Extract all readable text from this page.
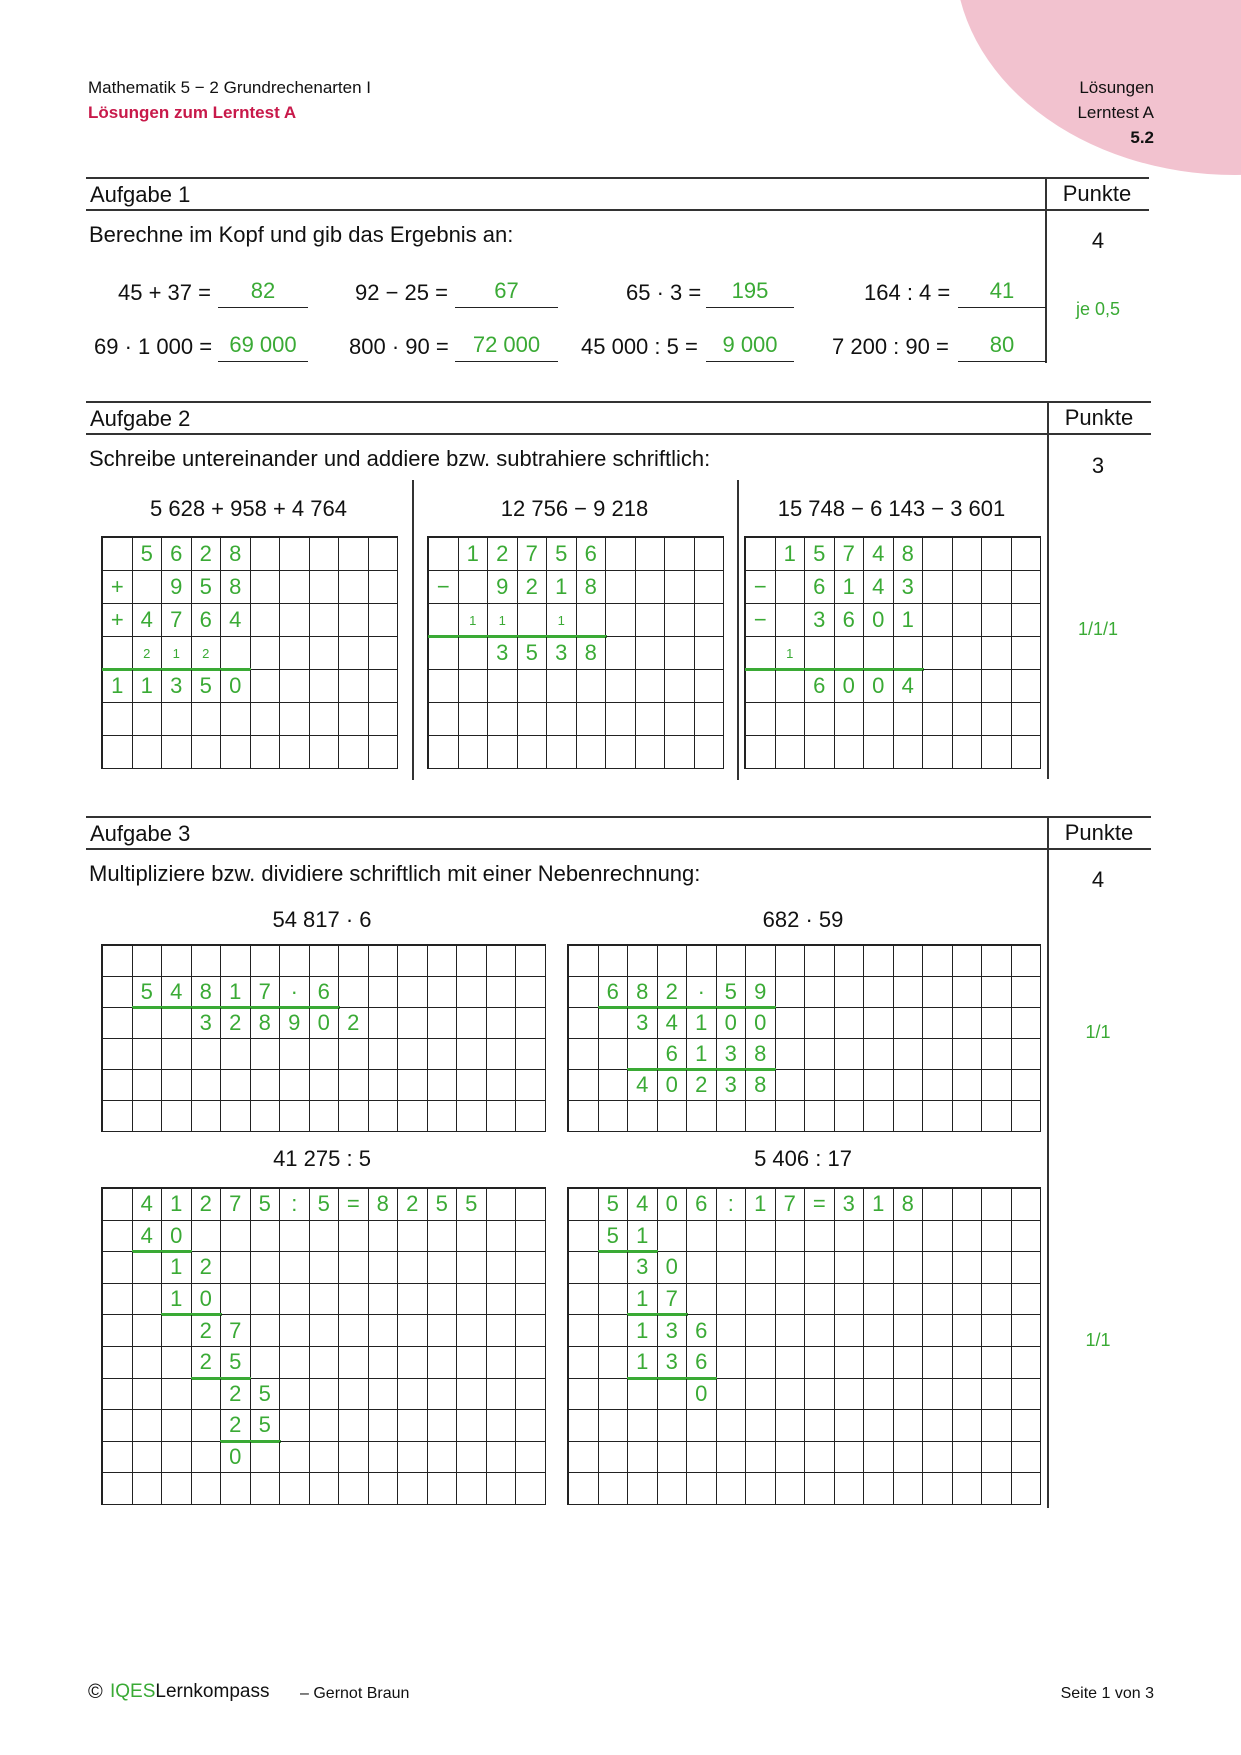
Mathematik 5 − 2 Grundrechenarten I
Lösungen zum Lerntest A
Lösungen
Lerntest A
5.2
Aufgabe 1	Punkte
Berechne im Kopf und gib das Ergebnis an:	4
je 0,5
45 + 37 =	82	92 − 25 =	67	65 · 3 =	195	164 : 4 =	41
69 · 1 000 = 69 000	800 · 90 =	72 000	45 000 : 5 =	9 000	7 200 : 90 =	80
Aufgabe 2	Punkte
Schreibe untereinander und addiere bzw. subtrahiere schriftlich:	3
1/1/1
5 628 + 958 + 4 764
5 6 2 8
+	9 5 8
+ 4 7 6 4
2	1	2
1 1 3 5 0
12 756 − 9 218
1 2 7 5 6
−	9 2 1 8
1	1	1
3 5 3 8
15 748 − 6 143 − 3 601
1 5 7 4 8
−	6 1 4 3
−	3 6 0 1
1
6 0 0 4
Aufgabe 3	Punkte
Multipliziere bzw. dividiere schriftlich mit einer Nebenrechnung:	4
1/1
1/1
54 817 · 6
5 4 8 1 7 · 6
3 2 8 9 0 2
682 · 59
6 8 2 · 5 9
3 4 1 0 0
6 1 3 8
4 0 2 3 8
41 275 : 5
4 1 2 7 5 : 5 = 8 2 5 5
4 0
1 2
1 0
2 7
2 5
2 5
2 5
0
5 406 : 17
5 4 0 6 : 1 7 = 3 1 8
5 1
3 0
1 7
1 3 6
1 3 6
0
© IQESLernkompass – Gernot Braun	Seite 1 von 3
